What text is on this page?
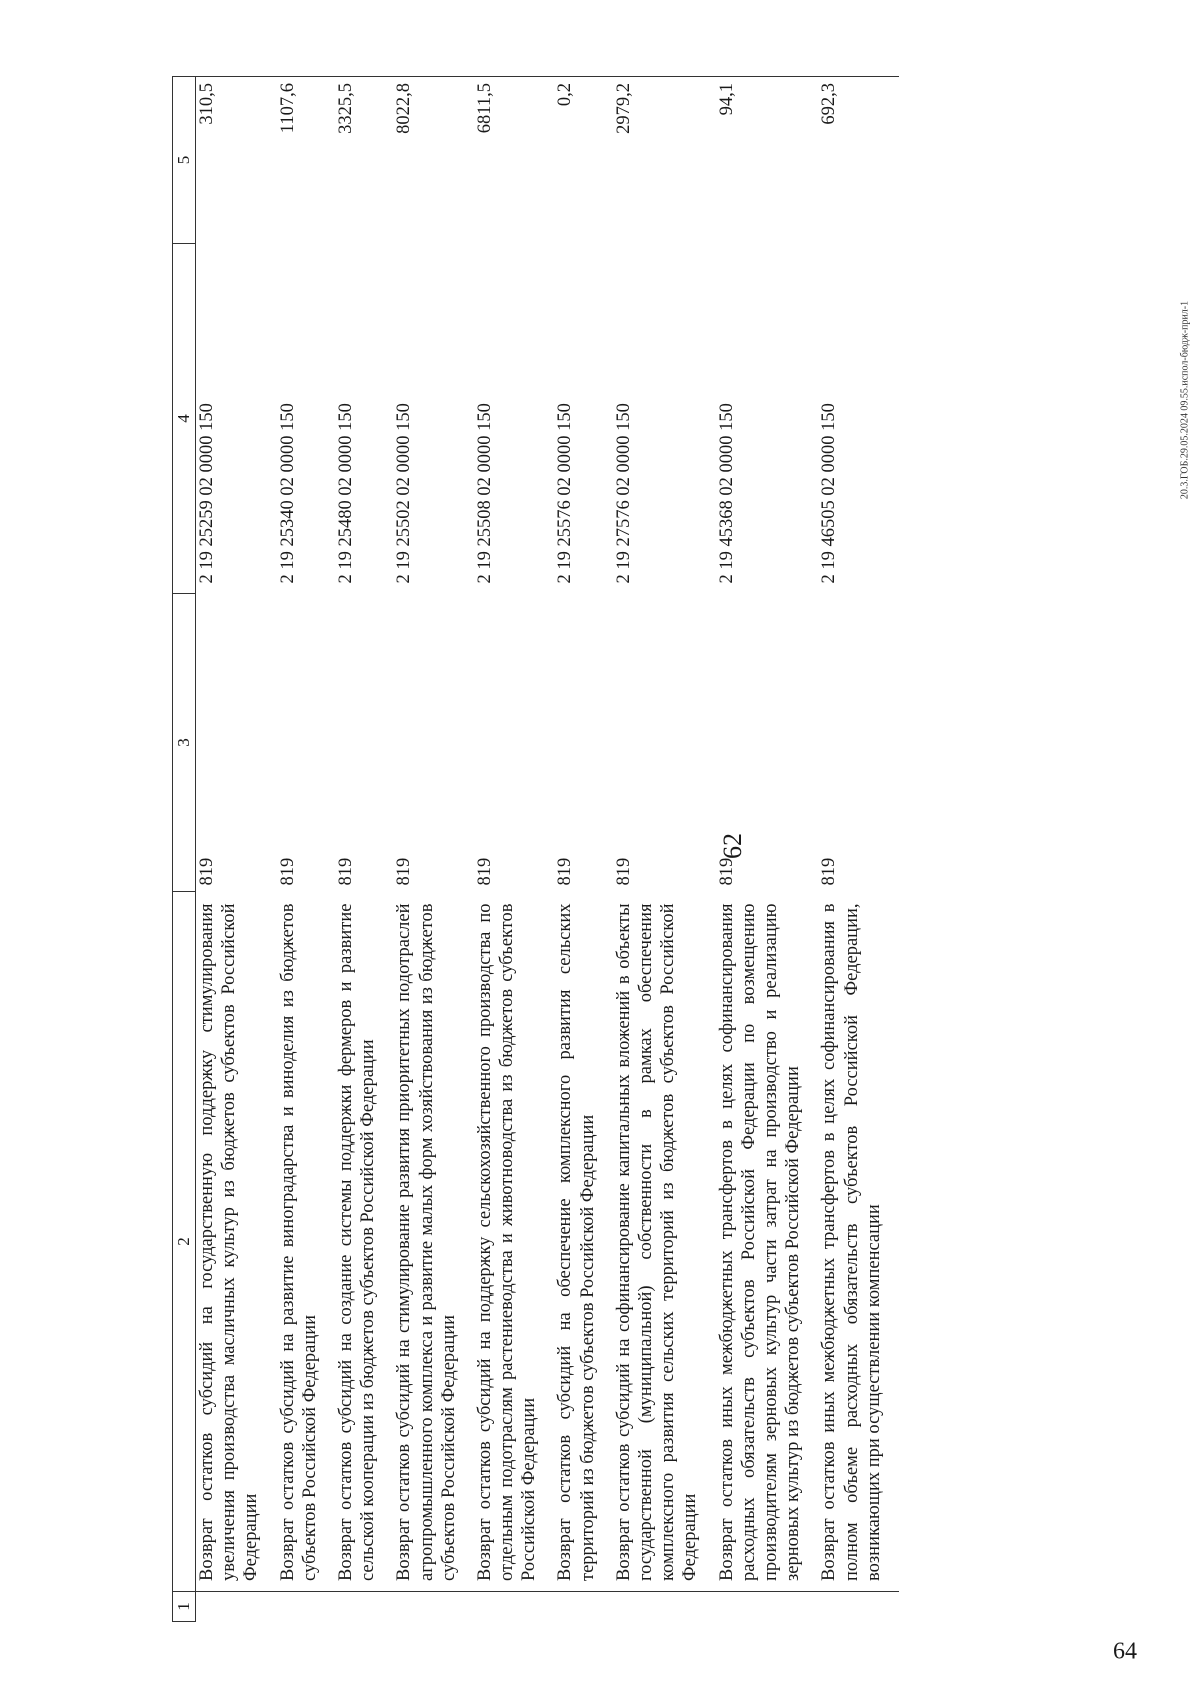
62
1	2	3	4	5
	Возврат остатков субсидий на государственную поддержку стимулирования увеличения производства масличных культур из бюджетов субъектов Российской Федерации	819	2 19 25259 02 0000 150	310,5
	Возврат остатков субсидий на развитие виноградарства и виноделия из бюджетов субъектов Российской Федерации	819	2 19 25340 02 0000 150	1107,6
	Возврат остатков субсидий на создание системы поддержки фермеров и развитие сельской кооперации из бюджетов субъектов Российской Федерации	819	2 19 25480 02 0000 150	3325,5
	Возврат остатков субсидий на стимулирование развития приоритетных подотраслей агропромышленного комплекса и развитие малых форм хозяйствования из бюджетов субъектов Российской Федерации	819	2 19 25502 02 0000 150	8022,8
	Возврат остатков субсидий на поддержку сельскохозяйственного производства по отдельным подотраслям растениеводства и животноводства из бюджетов субъектов Российской Федерации	819	2 19 25508 02 0000 150	6811,5
	Возврат остатков субсидий на обеспечение комплексного развития сельских территорий из бюджетов субъектов Российской Федерации	819	2 19 25576 02 0000 150	0,2
	Возврат остатков субсидий на софинансирование капитальных вложений в объекты государственной (муниципальной) собственности в рамках обеспечения комплексного развития сельских территорий из бюджетов субъектов Российской Федерации	819	2 19 27576 02 0000 150	2979,2
	Возврат остатков иных межбюджетных трансфертов в целях софинансирования расходных обязательств субъектов Российской Федерации по возмещению производителям зерновых культур части затрат на производство и реализацию зерновых культур из бюджетов субъектов Российской Федерации	819	2 19 45368 02 0000 150	94,1
	Возврат остатков иных межбюджетных трансфертов в целях софинансирования в полном объеме расходных обязательств субъектов Российской Федерации, возникающих при осуществлении компенсации	819	2 19 46505 02 0000 150	692,3
20.3.ГОБ.29.05.2024 09.55.испол-бюдж-прил-1
64
